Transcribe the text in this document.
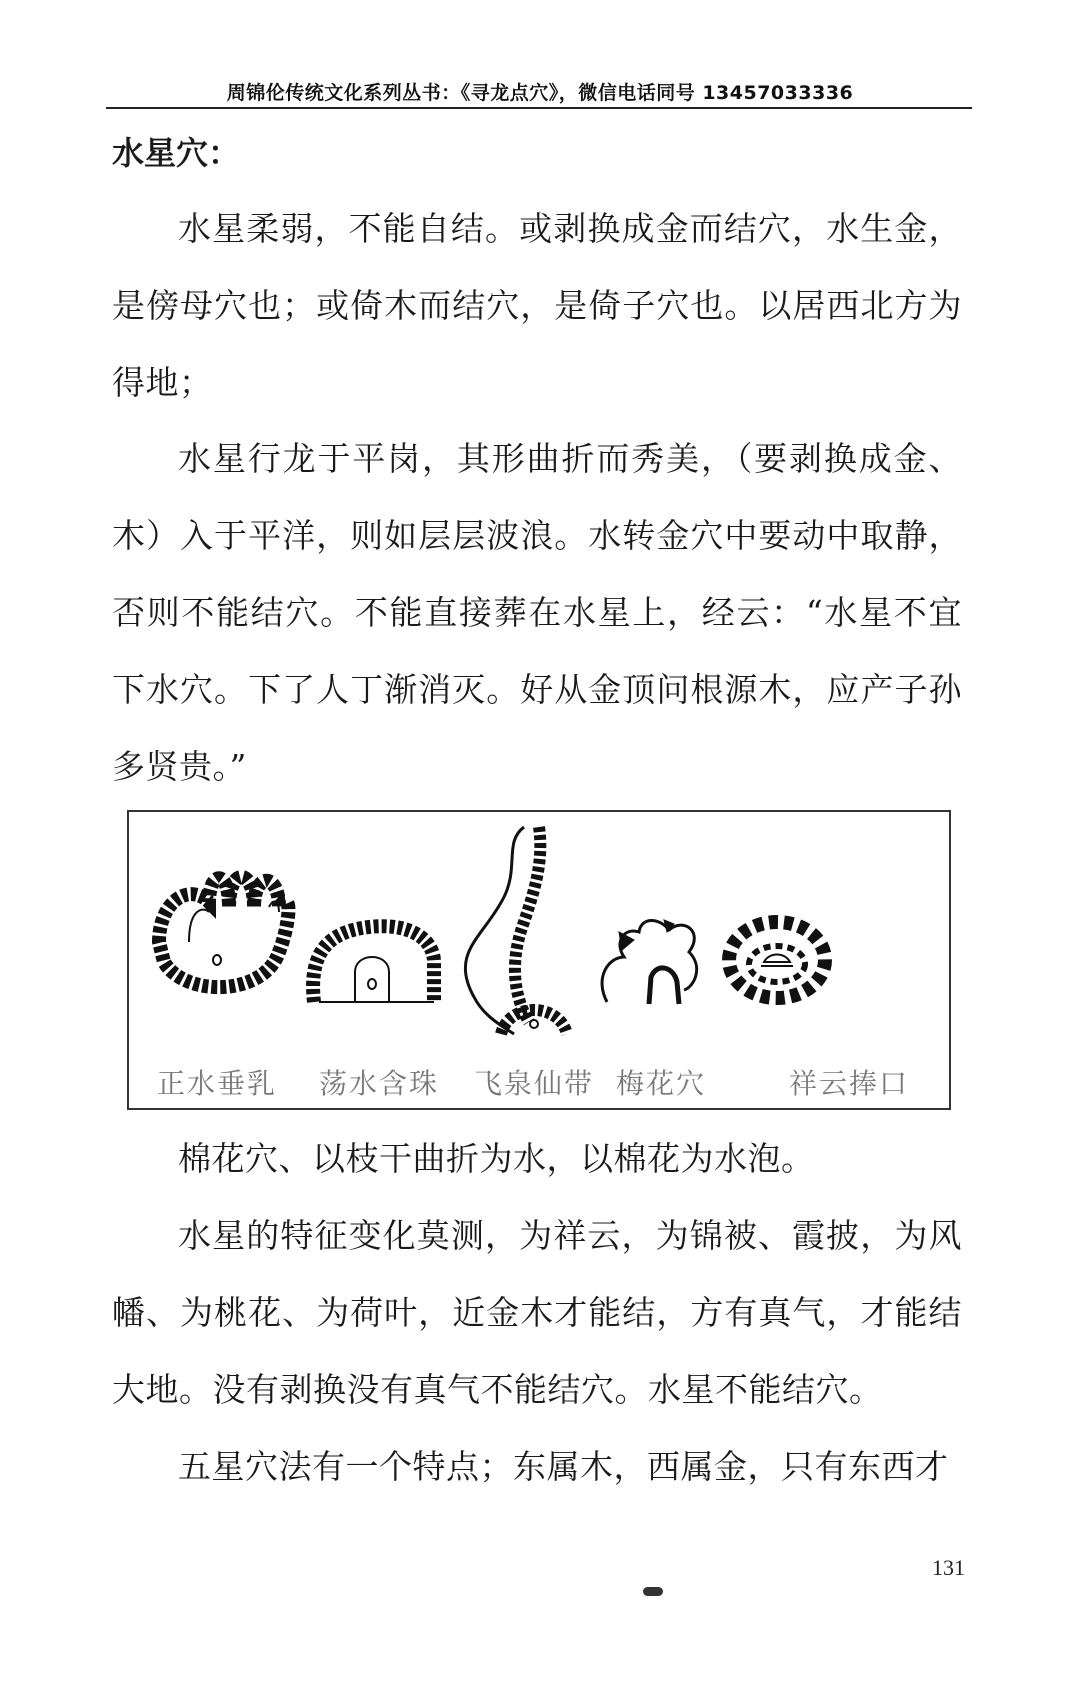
周锦伦传统文化系列丛书：《寻龙点穴》，微信电话同号 13457033336
水星穴：
水星柔弱，不能自结。或剥换成金而结穴，水生金，是傍母穴也；或倚木而结穴，是倚子穴也。以居西北方为得地；
水星行龙于平岗，其形曲折而秀美，（要剥换成金、木）入于平洋，则如层层波浪。水转金穴中要动中取静，否则不能结穴。不能直接葬在水星上，经云：“水星不宜下水穴。下了人丁渐消灭。好从金顶问根源木，应产子孙多贤贵。”
正水垂乳 荡水含珠 飞泉仙带 梅花穴	祥云捧口
棉花穴、以枝干曲折为水，以棉花为水泡。
水星的特征变化莫测，为祥云，为锦被、霞披，为风幡、为桃花、为荷叶，近金木才能结，方有真气，才能结大地。没有剥换没有真气不能结穴。水星不能结穴。
五星穴法有一个特点；东属木，西属金，只有东西才
131
